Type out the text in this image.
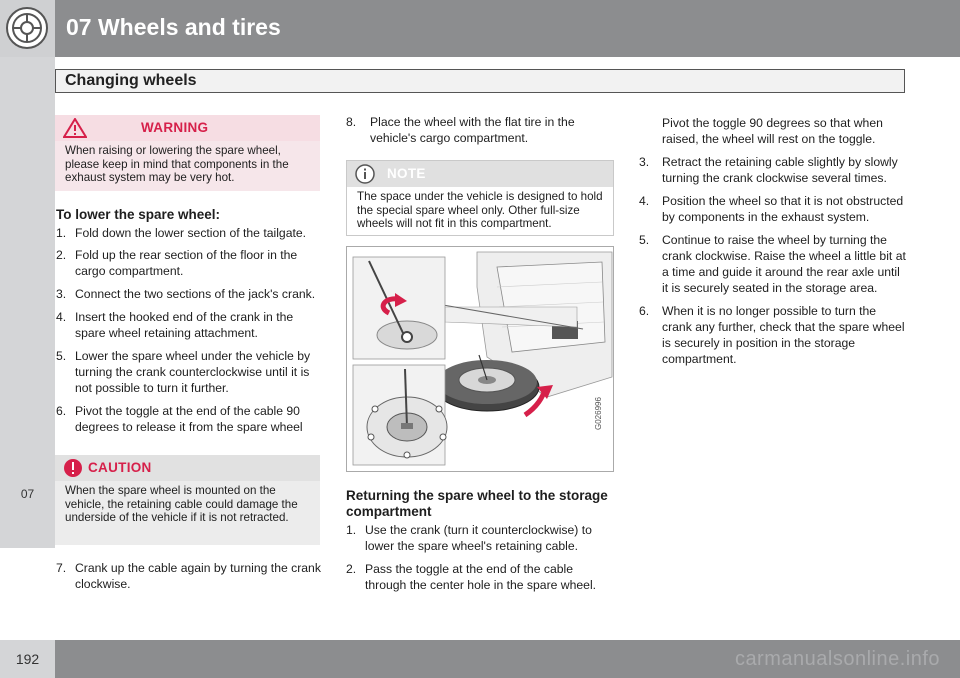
07 Wheels and tires
Changing wheels
07
192	carmanualsonline.info
WARNING
When raising or lowering the spare wheel, please keep in mind that components in the exhaust system may be very hot.
To lower the spare wheel:
1. Fold down the lower section of the tailgate.
2. Fold up the rear section of the floor in the cargo compartment.
3. Connect the two sections of the jack's crank.
4. Insert the hooked end of the crank in the spare wheel retaining attachment.
5. Lower the spare wheel under the vehicle by turning the crank counterclockwise until it is not possible to turn it further.
6. Pivot the toggle at the end of the cable 90 degrees to release it from the spare wheel
CAUTION
When the spare wheel is mounted on the vehicle, the retaining cable could damage the underside of the vehicle if it is not retracted.
7. Crank up the cable again by turning the crank clockwise.
8. Place the wheel with the flat tire in the vehicle's cargo compartment.
NOTE
The space under the vehicle is designed to hold the special spare wheel only. Other full-size wheels will not fit in this compartment.
G026996
Returning the spare wheel to the storage compartment
1. Use the crank (turn it counterclockwise) to lower the spare wheel's retaining cable.
2. Pass the toggle at the end of the cable through the center hole in the spare wheel.
Pivot the toggle 90 degrees so that when raised, the wheel will rest on the toggle.
3. Retract the retaining cable slightly by slowly turning the crank clockwise several times.
4. Position the wheel so that it is not obstructed by components in the exhaust system.
5. Continue to raise the wheel by turning the crank clockwise. Raise the wheel a little bit at a time and guide it around the rear axle until it is securely seated in the storage area.
6. When it is no longer possible to turn the crank any further, check that the spare wheel is securely in position in the storage compartment.
